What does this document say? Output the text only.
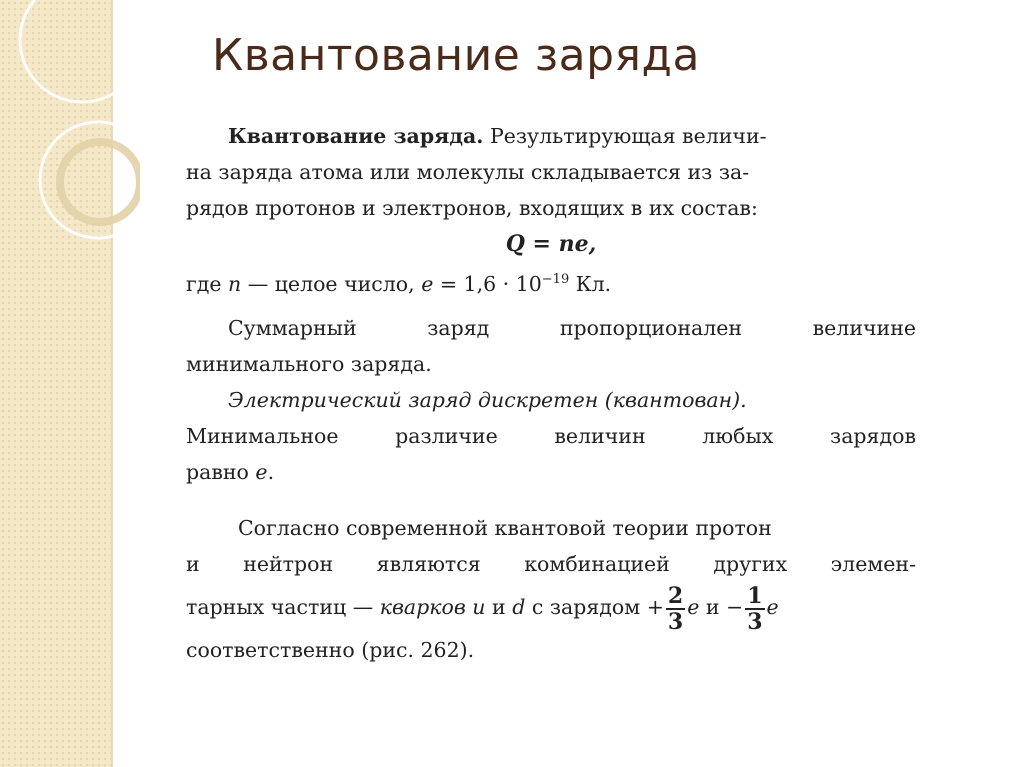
Квантование заряда
Квантование заряда. Результирующая величи-
на заряда атома или молекулы складывается из за-
рядов протонов и электронов, входящих в их состав:
Q = ne,
где n — целое число, $e = 1,6 \cdot 10^{-19}$ Кл.
Суммарный заряд пропорционален величине
минимального заряда.
Электрический заряд дискретен (квантован).
Минимальное различие величин любых зарядов
равно e.
Согласно современной квантовой теории протон
и нейтрон являются комбинацией других элемен-
тарных частиц — кварков u и d с зарядом + $\frac{2}{3}$ e $и - \frac{1}{3}$ e
соответственно (рис. 262).
